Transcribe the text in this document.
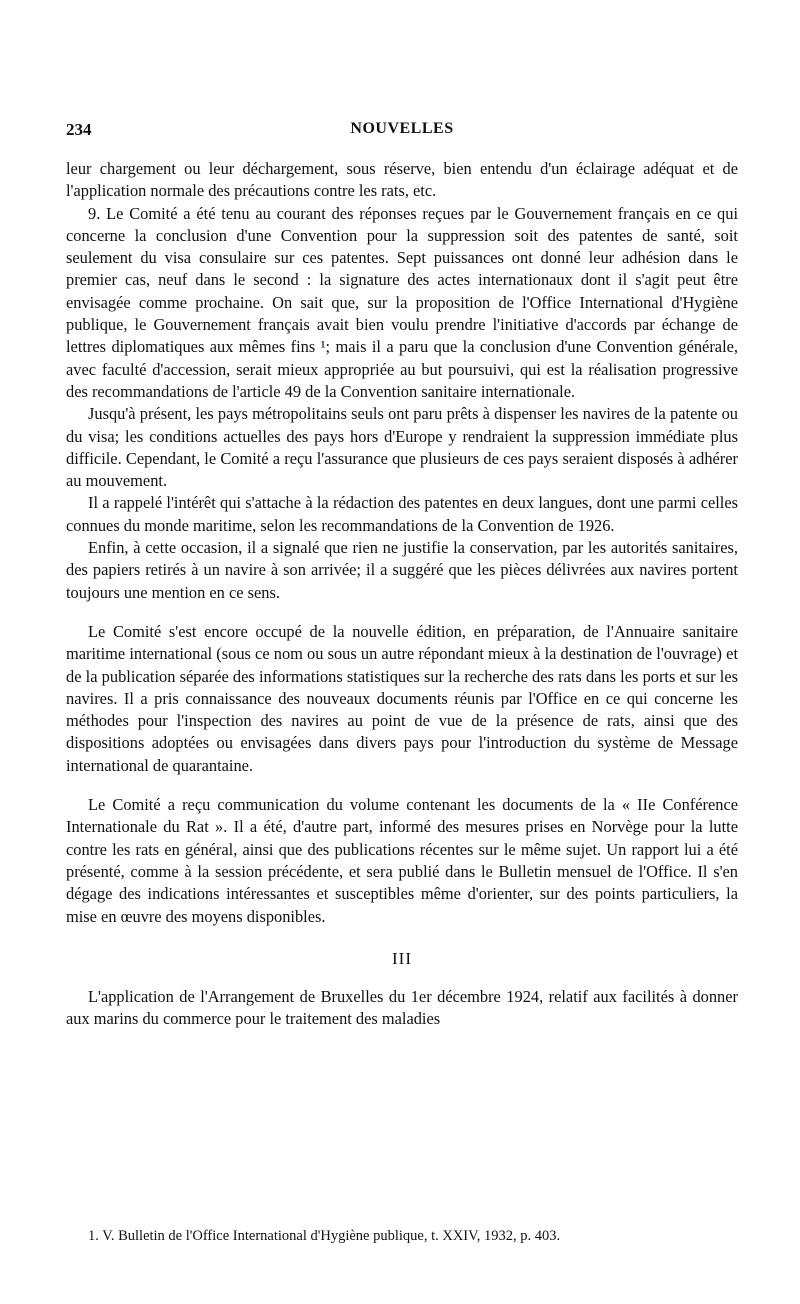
234	NOUVELLES

leur chargement ou leur déchargement, sous réserve, bien entendu d'un éclairage adéquat et de l'application normale des précautions contre les rats, etc.

9. Le Comité a été tenu au courant des réponses reçues par le Gouvernement français en ce qui concerne la conclusion d'une Convention pour la suppression soit des patentes de santé, soit seulement du visa consulaire sur ces patentes. Sept puissances ont donné leur adhésion dans le premier cas, neuf dans le second : la signature des actes internationaux dont il s'agit peut être envisagée comme prochaine. On sait que, sur la proposition de l'Office International d'Hygiène publique, le Gouvernement français avait bien voulu prendre l'initiative d'accords par échange de lettres diplomatiques aux mêmes fins ¹; mais il a paru que la conclusion d'une Convention générale, avec faculté d'accession, serait mieux appropriée au but poursuivi, qui est la réalisation progressive des recommandations de l'article 49 de la Convention sanitaire internationale.

Jusqu'à présent, les pays métropolitains seuls ont paru prêts à dispenser les navires de la patente ou du visa; les conditions actuelles des pays hors d'Europe y rendraient la suppression immédiate plus difficile. Cependant, le Comité a reçu l'assurance que plusieurs de ces pays seraient disposés à adhérer au mouvement.

Il a rappelé l'intérêt qui s'attache à la rédaction des patentes en deux langues, dont une parmi celles connues du monde maritime, selon les recommandations de la Convention de 1926.

Enfin, à cette occasion, il a signalé que rien ne justifie la conservation, par les autorités sanitaires, des papiers retirés à un navire à son arrivée; il a suggéré que les pièces délivrées aux navires portent toujours une mention en ce sens.

Le Comité s'est encore occupé de la nouvelle édition, en préparation, de l'Annuaire sanitaire maritime international (sous ce nom ou sous un autre répondant mieux à la destination de l'ouvrage) et de la publication séparée des informations statistiques sur la recherche des rats dans les ports et sur les navires. Il a pris connaissance des nouveaux documents réunis par l'Office en ce qui concerne les méthodes pour l'inspection des navires au point de vue de la présence de rats, ainsi que des dispositions adoptées ou envisagées dans divers pays pour l'introduction du système de Message international de quarantaine.

Le Comité a reçu communication du volume contenant les documents de la « IIe Conférence Internationale du Rat ». Il a été, d'autre part, informé des mesures prises en Norvège pour la lutte contre les rats en général, ainsi que des publications récentes sur le même sujet. Un rapport lui a été présenté, comme à la session précédente, et sera publié dans le Bulletin mensuel de l'Office. Il s'en dégage des indications intéressantes et susceptibles même d'orienter, sur des points particuliers, la mise en œuvre des moyens disponibles.

III

L'application de l'Arrangement de Bruxelles du 1er décembre 1924, relatif aux facilités à donner aux marins du commerce pour le traitement des maladies

1. V. Bulletin de l'Office International d'Hygiène publique, t. XXIV, 1932, p. 403.
